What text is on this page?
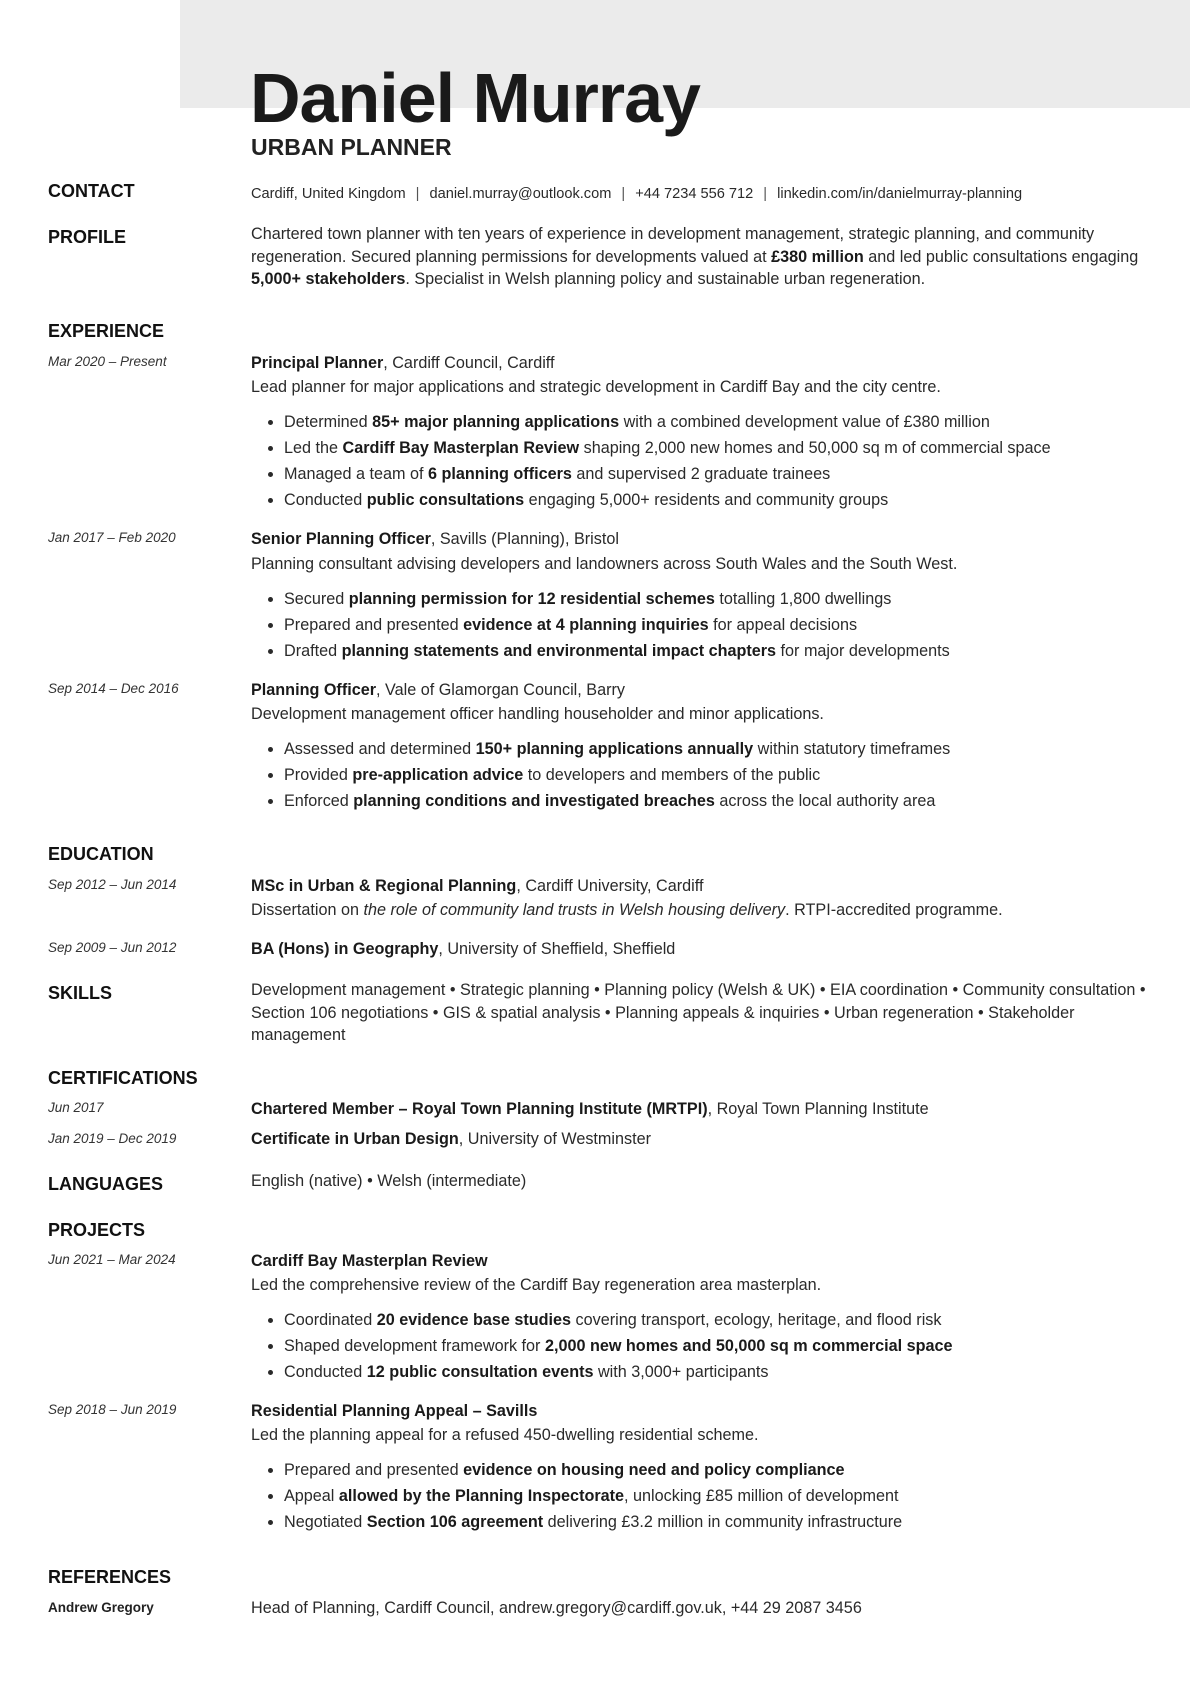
Daniel Murray
URBAN PLANNER
CONTACT	Cardiff, United Kingdom | daniel.murray@outlook.com | +44 7234 556 712 | linkedin.com/in/danielmurray-planning

PROFILE	Chartered town planner with ten years of experience in development management, strategic planning, and community regeneration. Secured planning permissions for developments valued at £380 million and led public consultations engaging 5,000+ stakeholders. Specialist in Welsh planning policy and sustainable urban regeneration.

EXPERIENCE

Mar 2020 – Present	Principal Planner, Cardiff Council, Cardiff

Lead planner for major applications and strategic development in Cardiff Bay and the city centre.

• Determined 85+ major planning applications with a combined development value of £380 million
• Led the Cardiff Bay Masterplan Review shaping 2,000 new homes and 50,000 sq m of commercial space
• Managed a team of 6 planning officers and supervised 2 graduate trainees
• Conducted public consultations engaging 5,000+ residents and community groups

Jan 2017 – Feb 2020	Senior Planning Officer, Savills (Planning), Bristol

Planning consultant advising developers and landowners across South Wales and the South West.

• Secured planning permission for 12 residential schemes totalling 1,800 dwellings
• Prepared and presented evidence at 4 planning inquiries for appeal decisions
• Drafted planning statements and environmental impact chapters for major developments

Sep 2014 – Dec 2016	Planning Officer, Vale of Glamorgan Council, Barry

Development management officer handling householder and minor applications.

• Assessed and determined 150+ planning applications annually within statutory timeframes
• Provided pre-application advice to developers and members of the public
• Enforced planning conditions and investigated breaches across the local authority area
EDUCATION

Sep 2012 – Jun 2014	MSc in Urban & Regional Planning, Cardiff University, Cardiff

Dissertation on the role of community land trusts in Welsh housing delivery. RTPI-accredited programme.

Sep 2009 – Jun 2012	BA (Hons) in Geography, University of Sheffield, Sheffield

SKILLS	Development management • Strategic planning • Planning policy (Welsh & UK) • EIA coordination • Community consultation • Section 106 negotiations • GIS & spatial analysis • Planning appeals & inquiries • Urban regeneration • Stakeholder management

CERTIFICATIONS

Jun 2017	Chartered Member – Royal Town Planning Institute (MRTPI), Royal Town Planning Institute

Jan 2019 – Dec 2019	Certificate in Urban Design, University of Westminster

LANGUAGES	English (native) • Welsh (intermediate)

PROJECTS

Jun 2021 – Mar 2024	Cardiff Bay Masterplan Review

Led the comprehensive review of the Cardiff Bay regeneration area masterplan.

• Coordinated 20 evidence base studies covering transport, ecology, heritage, and flood risk
• Shaped development framework for 2,000 new homes and 50,000 sq m commercial space
• Conducted 12 public consultation events with 3,000+ participants

Sep 2018 – Jun 2019	Residential Planning Appeal – Savills

Led the planning appeal for a refused 450-dwelling residential scheme.

• Prepared and presented evidence on housing need and policy compliance
• Appeal allowed by the Planning Inspectorate, unlocking £85 million of development
• Negotiated Section 106 agreement delivering £3.2 million in community infrastructure
REFERENCES

Andrew Gregory	Head of Planning, Cardiff Council, andrew.gregory@cardiff.gov.uk, +44 29 2087 3456
